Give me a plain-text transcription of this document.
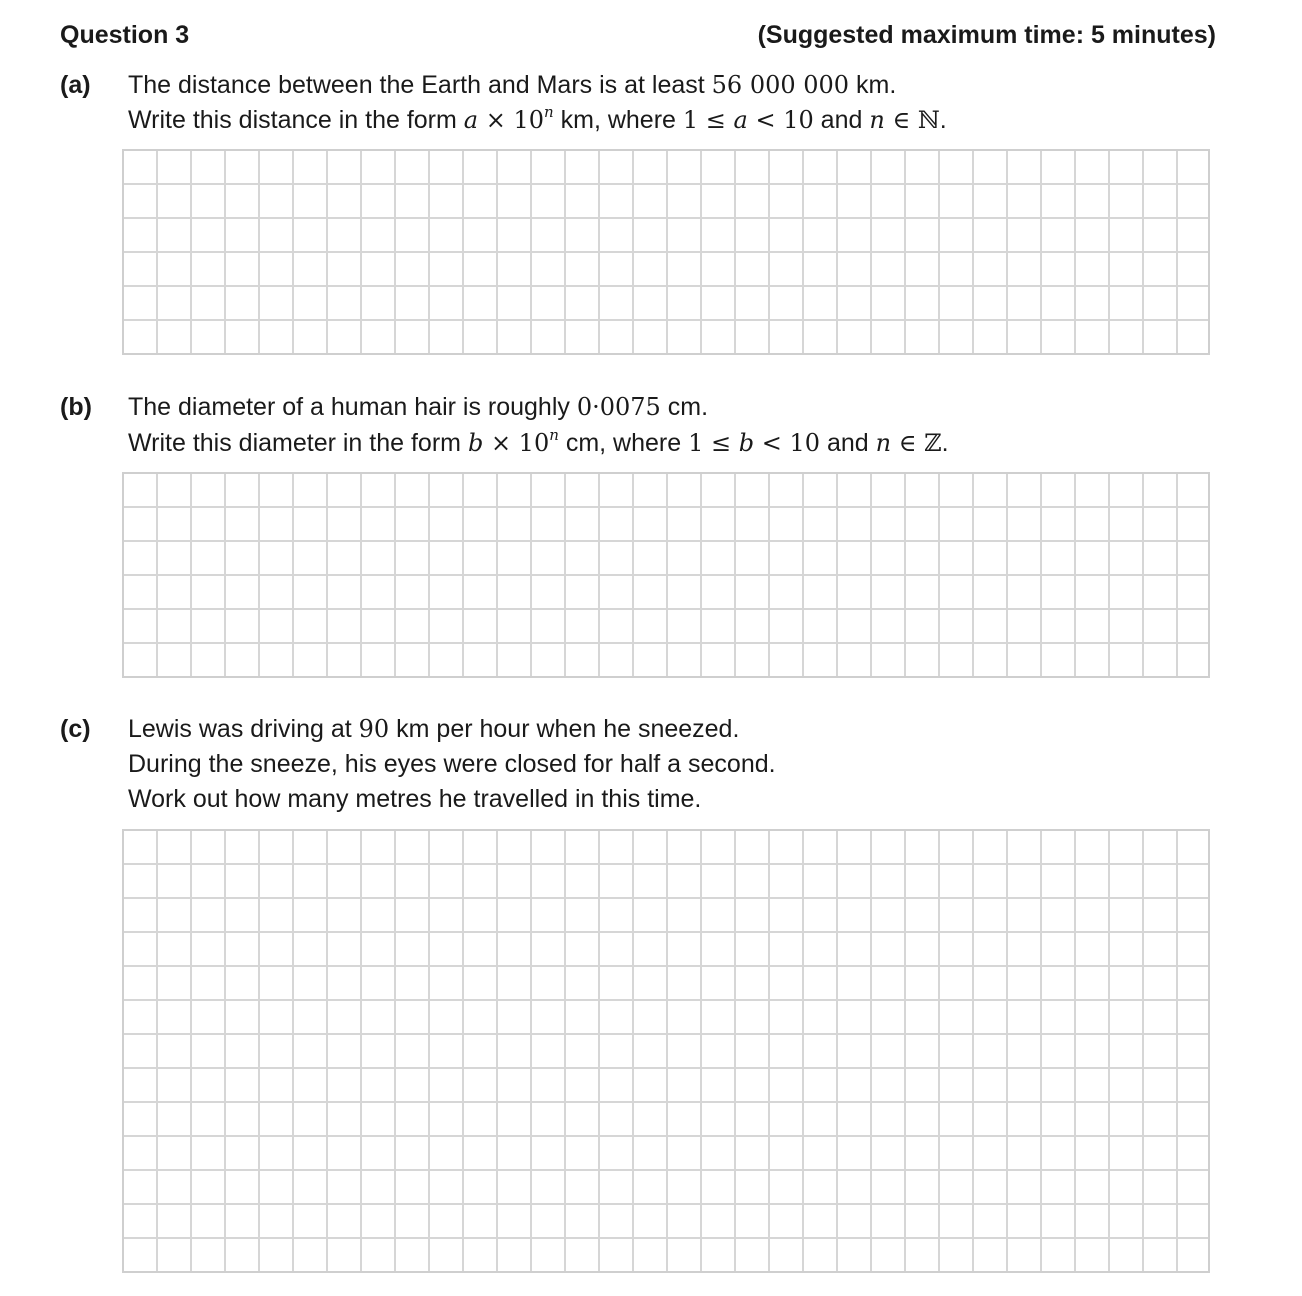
Question 3	(Suggested maximum time: 5 minutes)
(a) The distance between the Earth and Mars is at least 56 000 000 km.
Write this distance in the form $a \times 10^n$ km, where 1 ≤ a < 10 and n ∈ ℕ.
(b) The diameter of a human hair is roughly 0·0075 cm.
Write this diameter in the form $b \times 10^n$ cm, where 1 ≤ b < 10 and n ∈ ℤ.
(c) Lewis was driving at 90 km per hour when he sneezed.
During the sneeze, his eyes were closed for half a second.
Work out how many metres he travelled in this time.
